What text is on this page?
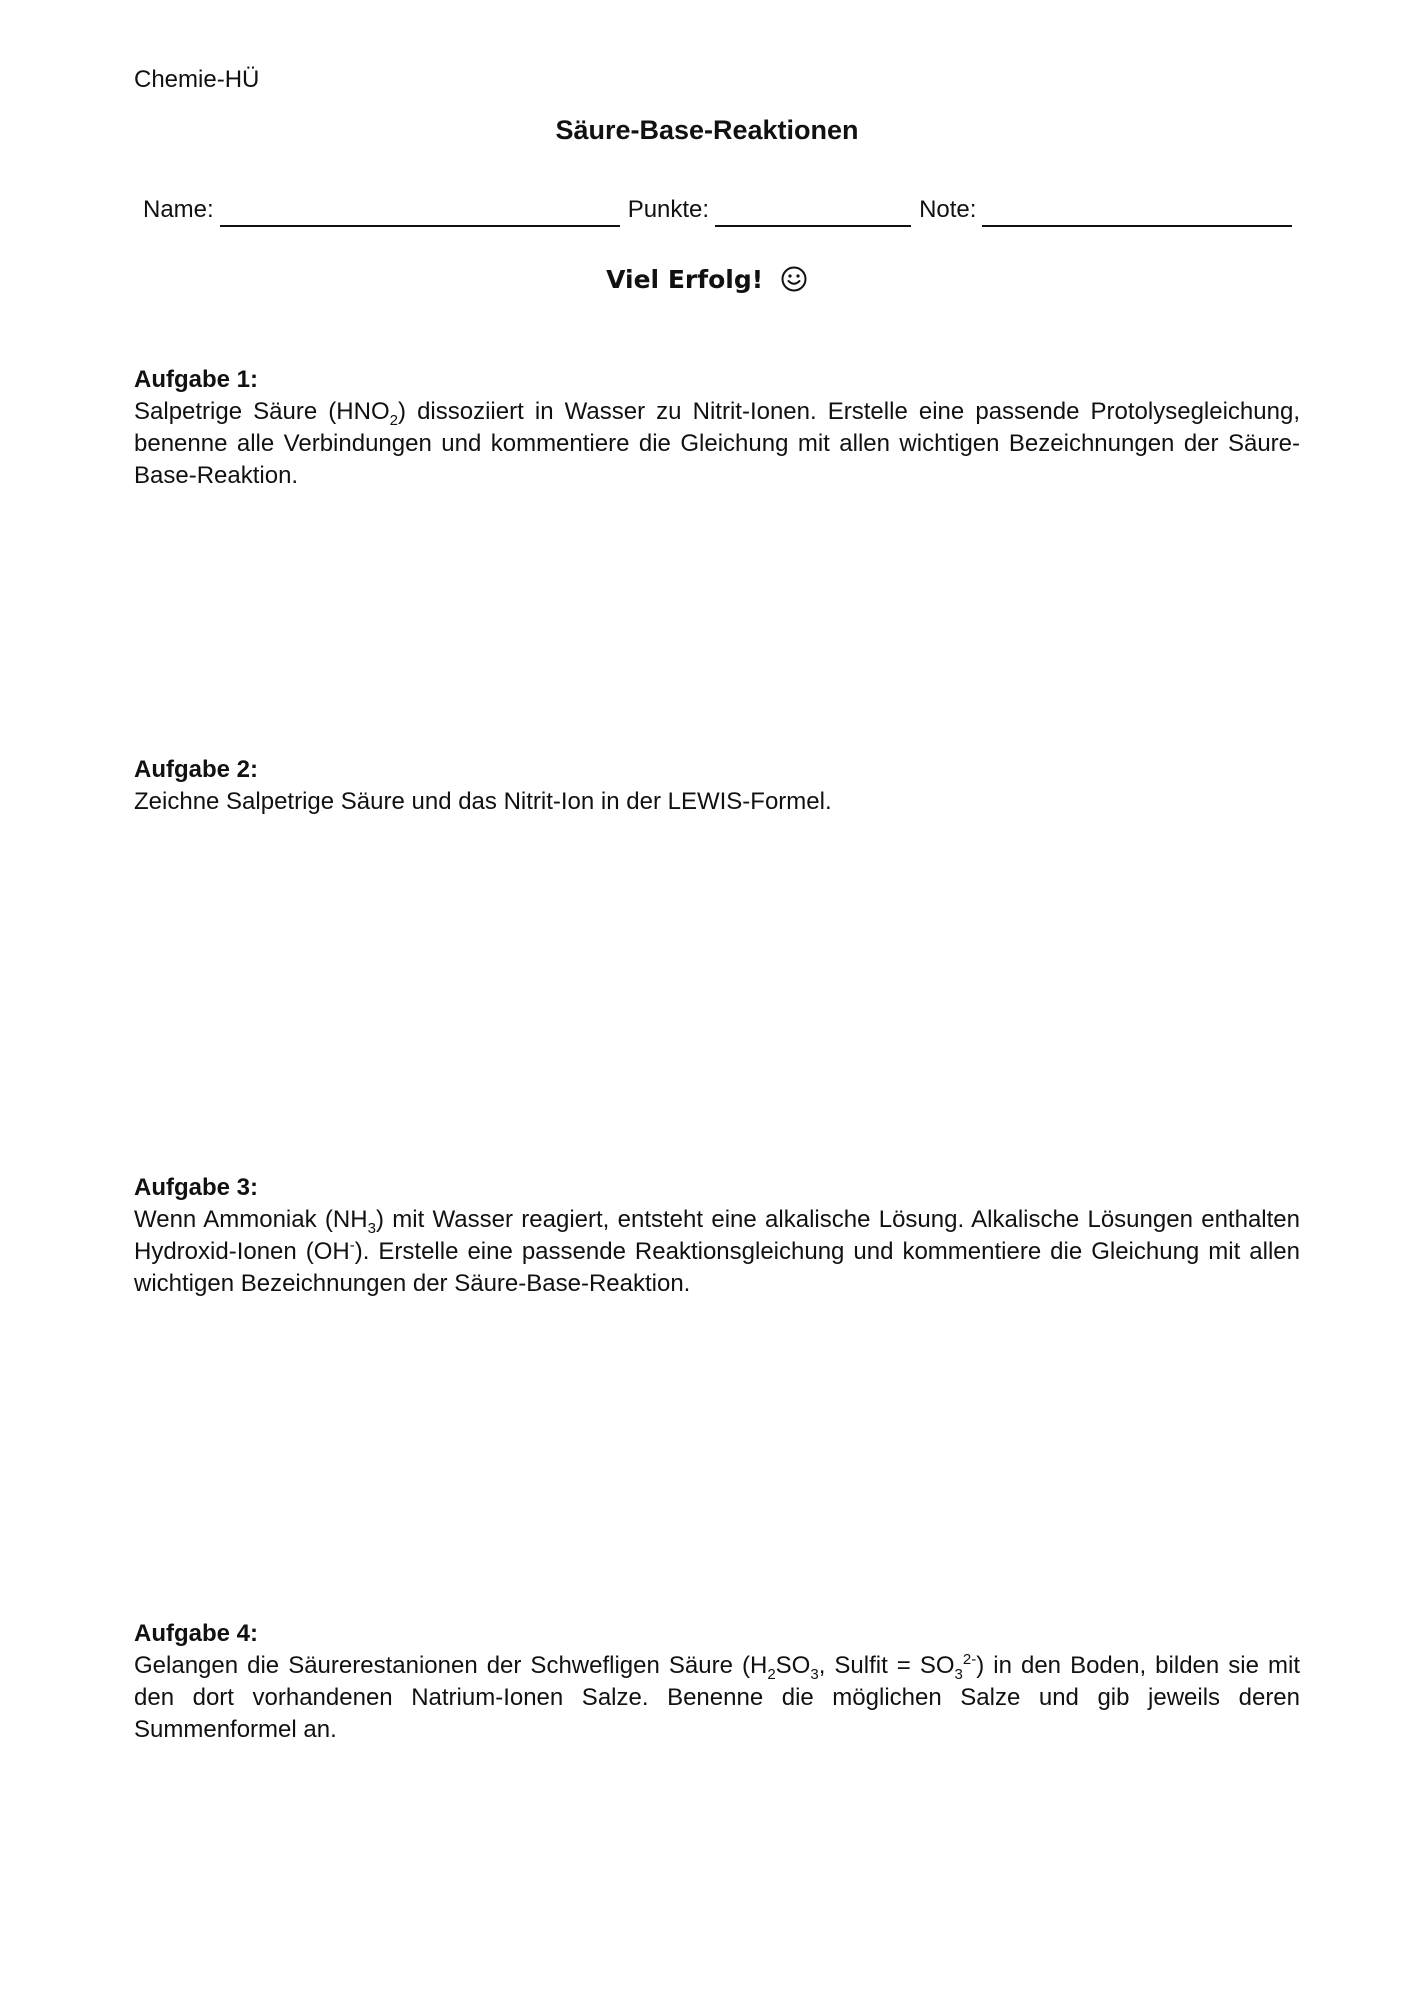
Chemie-HÜ
Säure-Base-Reaktionen
Name:	Punkte:	Note:
Viel Erfolg!
Aufgabe 1:
Salpetrige Säure $(HNO_2)$ dissoziiert in Wasser zu Nitrit-Ionen. Erstelle eine passende Protolysegleichung, benenne alle Verbindungen und kommentiere die Gleichung mit allen wichtigen Bezeichnungen der Säure-Base-Reaktion.
Aufgabe 2:
Zeichne Salpetrige Säure und das Nitrit-Ion in der LEWIS-Formel.
Aufgabe 3:
Wenn Ammoniak $(NH_3)$ mit Wasser reagiert, entsteht eine alkalische Lösung. Alkalische Lösungen enthalten Hydroxid-Ionen (OH-). Erstelle eine passende Reaktionsgleichung und kommentiere die Gleichung mit allen wichtigen Bezeichnungen der Säure-Base-Reaktion.
Aufgabe 4:
Gelangen die Säurerestanionen der Schwefligen Säure ($H_2SO_3$, Sulfit = $SO_3^{2-}$) in den Boden, bilden sie mit den dort vorhandenen Natrium-Ionen Salze. Benenne die möglichen Salze und gib jeweils deren Summenformel an.
